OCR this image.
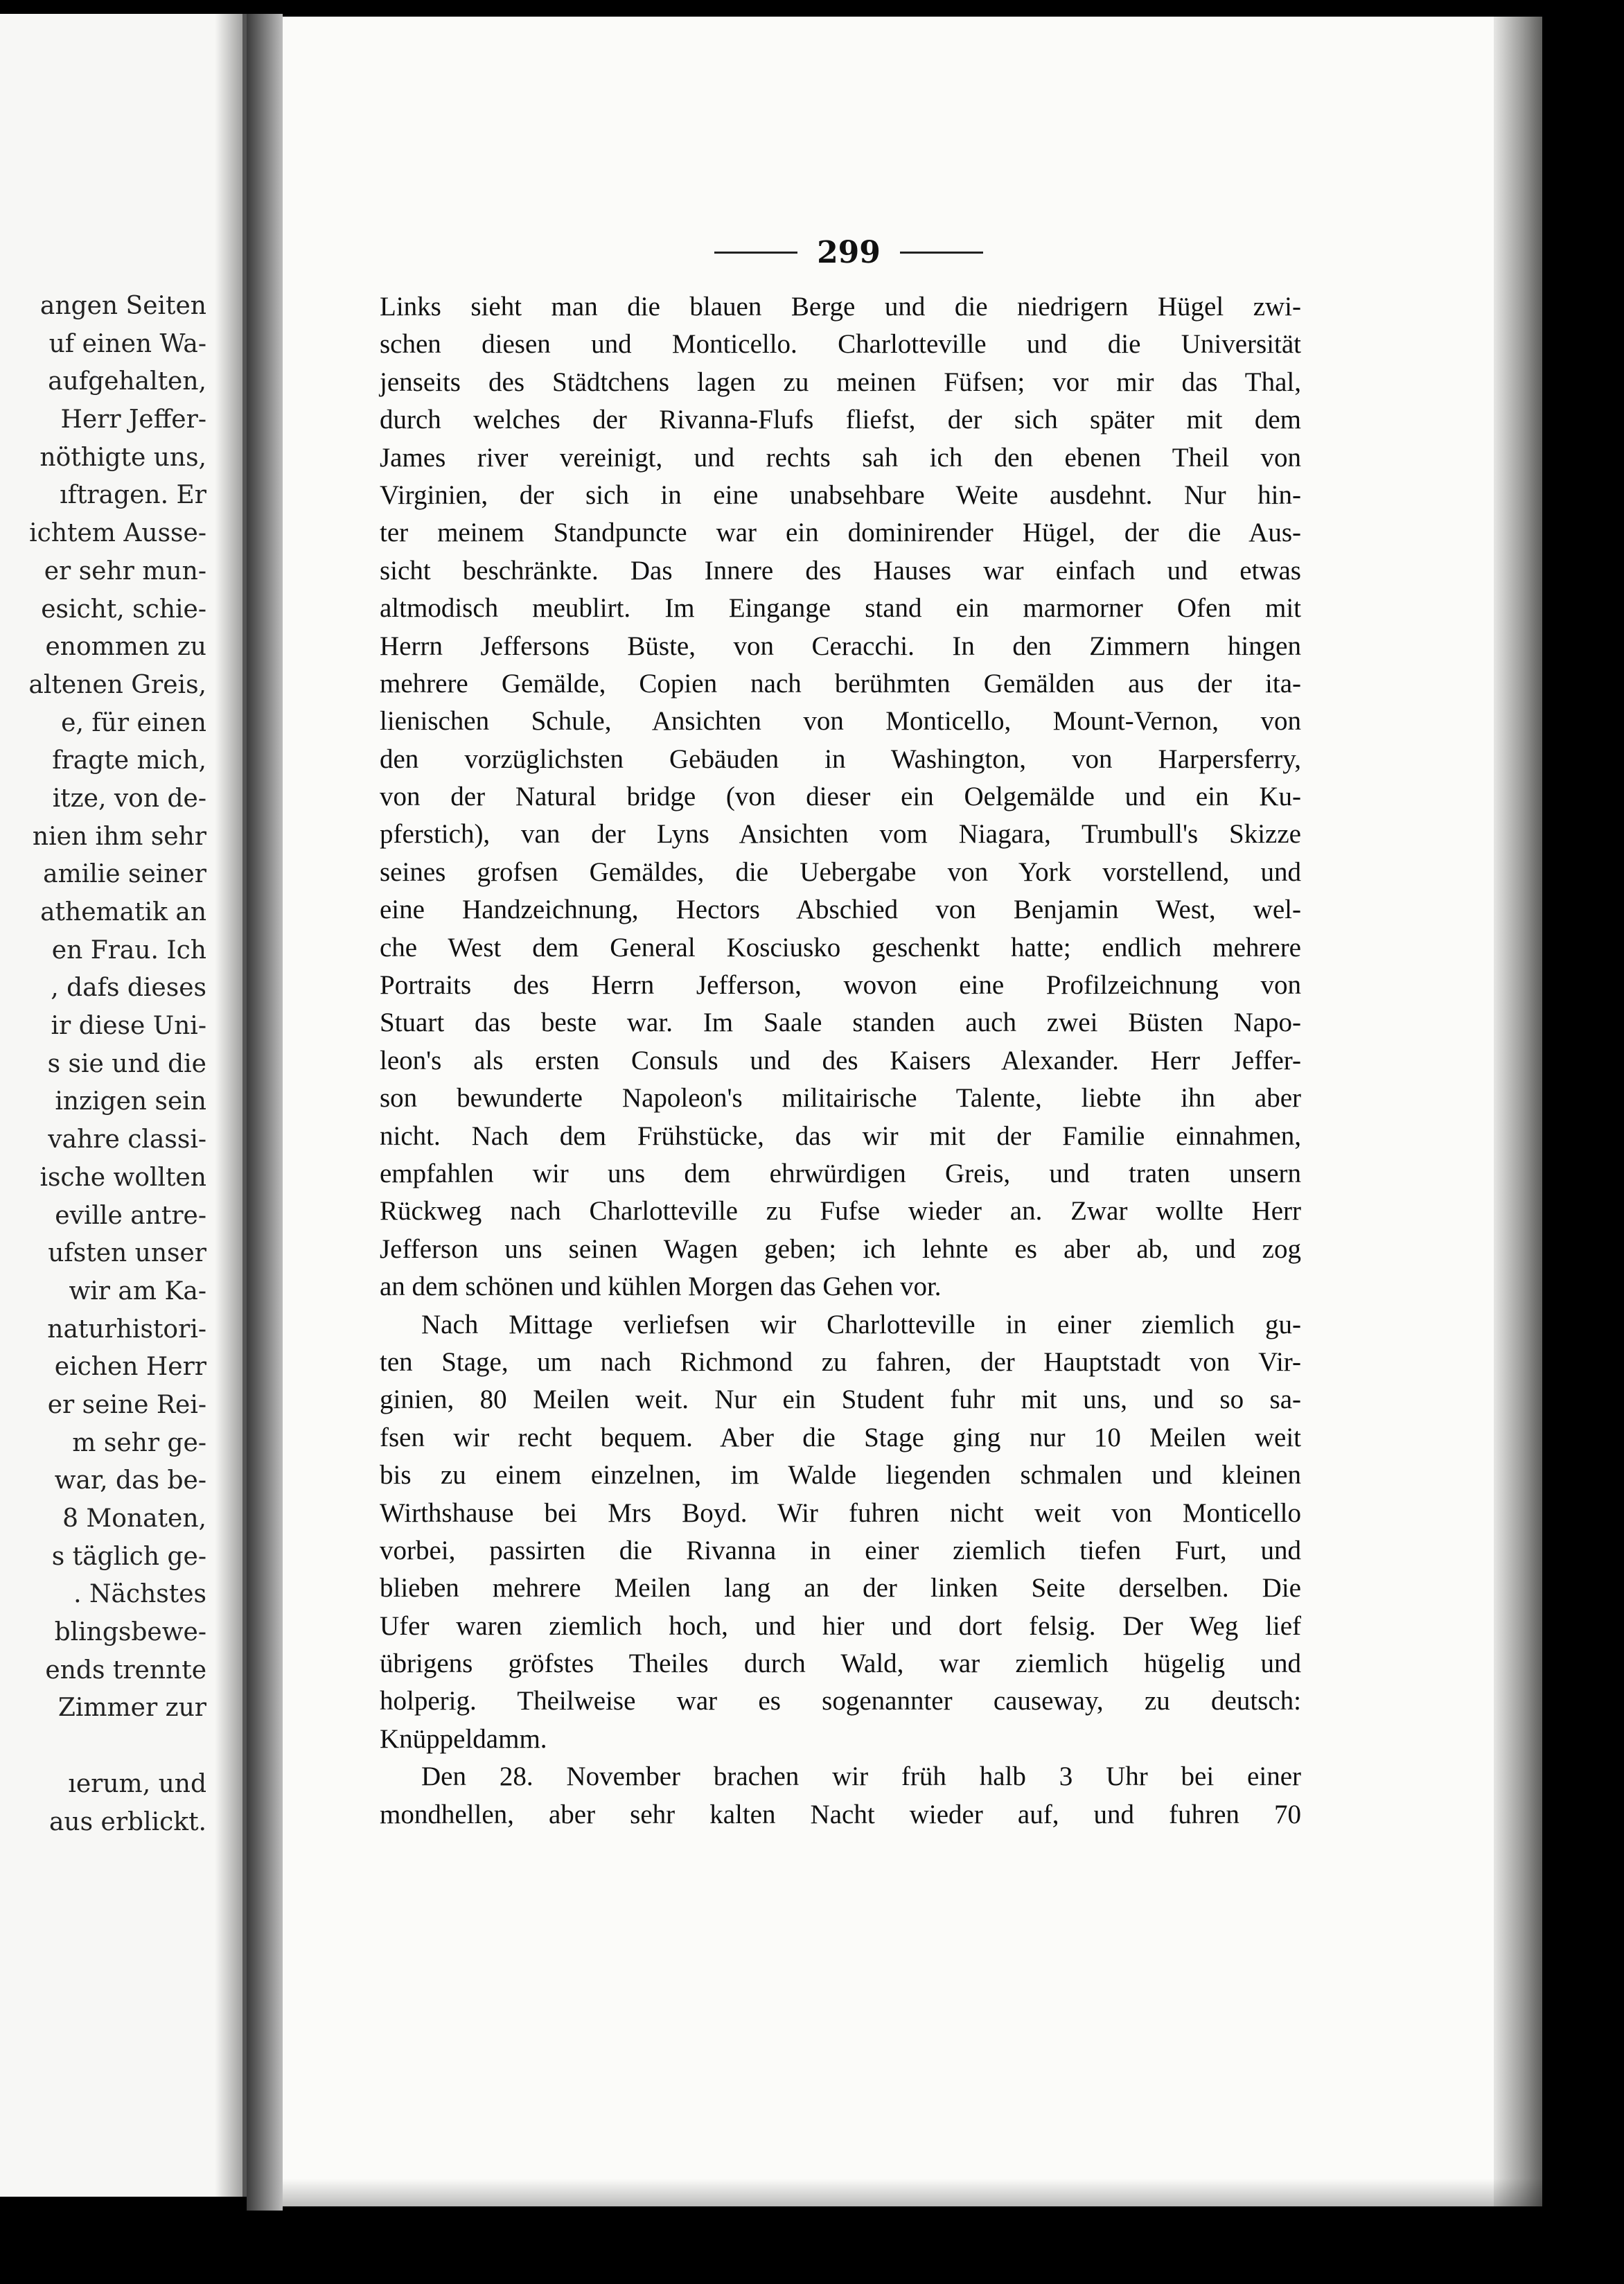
angen Seiten
uf einen Wa-
aufgehalten,
Herr Jeffer-
nöthigte uns,
ıftragen. Er
ichtem Ausse-
er sehr mun-
esicht, schie-
enommen zu
altenen Greis,
e, für einen
fragte mich,
itze, von de-
nien ihm sehr
amilie seiner
athematik an
en Frau. Ich
, dafs dieses
ir diese Uni-
s sie und die
inzigen sein
vahre classi-
ische wollten
eville antre-
ufsten unser
wir am Ka-
naturhistori-
eichen Herr
er seine Rei-
m sehr ge-
war, das be-
8 Monaten,
s täglich ge-
. Nächstes
blingsbewe-
ends trennte
Zimmer zur
ıerum, und
aus erblickt.
299
Links sieht man die blauen Berge und die niedrigern Hügel zwi-
schen diesen und Monticello. Charlotteville und die Universität
jenseits des Städtchens lagen zu meinen Füfsen; vor mir das Thal,
durch welches der Rivanna-Flufs fliefst, der sich später mit dem
James river vereinigt, und rechts sah ich den ebenen Theil von
Virginien, der sich in eine unabsehbare Weite ausdehnt. Nur hin-
ter meinem Standpuncte war ein dominirender Hügel, der die Aus-
sicht beschränkte. Das Innere des Hauses war einfach und etwas
altmodisch meublirt. Im Eingange stand ein marmorner Ofen mit
Herrn Jeffersons Büste, von Ceracchi. In den Zimmern hingen
mehrere Gemälde, Copien nach berühmten Gemälden aus der ita-
lienischen Schule, Ansichten von Monticello, Mount-Vernon, von
den vorzüglichsten Gebäuden in Washington, von Harpersferry,
von der Natural bridge (von dieser ein Oelgemälde und ein Ku-
pferstich), van der Lyns Ansichten vom Niagara, Trumbull's Skizze
seines grofsen Gemäldes, die Uebergabe von York vorstellend, und
eine Handzeichnung, Hectors Abschied von Benjamin West, wel-
che West dem General Kosciusko geschenkt hatte; endlich mehrere
Portraits des Herrn Jefferson, wovon eine Profilzeichnung von
Stuart das beste war. Im Saale standen auch zwei Büsten Napo-
leon's als ersten Consuls und des Kaisers Alexander. Herr Jeffer-
son bewunderte Napoleon's militairische Talente, liebte ihn aber
nicht. Nach dem Frühstücke, das wir mit der Familie einnahmen,
empfahlen wir uns dem ehrwürdigen Greis, und traten unsern
Rückweg nach Charlotteville zu Fufse wieder an. Zwar wollte Herr
Jefferson uns seinen Wagen geben; ich lehnte es aber ab, und zog
an dem schönen und kühlen Morgen das Gehen vor.
Nach Mittage verliefsen wir Charlotteville in einer ziemlich gu-
ten Stage, um nach Richmond zu fahren, der Hauptstadt von Vir-
ginien, 80 Meilen weit. Nur ein Student fuhr mit uns, und so sa-
fsen wir recht bequem. Aber die Stage ging nur 10 Meilen weit
bis zu einem einzelnen, im Walde liegenden schmalen und kleinen
Wirthshause bei Mrs Boyd. Wir fuhren nicht weit von Monticello
vorbei, passirten die Rivanna in einer ziemlich tiefen Furt, und
blieben mehrere Meilen lang an der linken Seite derselben. Die
Ufer waren ziemlich hoch, und hier und dort felsig. Der Weg lief
übrigens gröfstes Theiles durch Wald, war ziemlich hügelig und
holperig. Theilweise war es sogenannter causeway, zu deutsch:
Knüppeldamm.
Den 28. November brachen wir früh halb 3 Uhr bei einer
mondhellen, aber sehr kalten Nacht wieder auf, und fuhren 70
